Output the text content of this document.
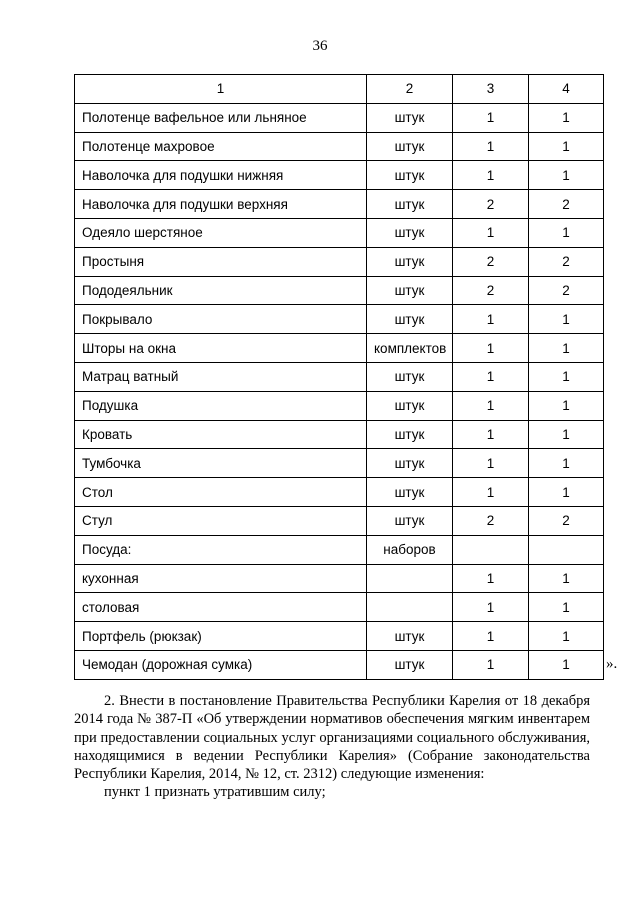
36
1	2	3	4
Полотенце вафельное или льняное	штук	1	1
Полотенце махровое	штук	1	1
Наволочка для подушки нижняя	штук	1	1
Наволочка для подушки верхняя	штук	2	2
Одеяло шерстяное	штук	1	1
Простыня	штук	2	2
Пододеяльник	штук	2	2
Покрывало	штук	1	1
Шторы на окна	комплектов	1	1
Матрац ватный	штук	1	1
Подушка	штук	1	1
Кровать	штук	1	1
Тумбочка	штук	1	1
Стол	штук	1	1
Стул	штук	2	2
Посуда:	наборов		
кухонная		1	1
столовая		1	1
Портфель (рюкзак)	штук	1	1
Чемодан (дорожная сумка)	штук	1	1 ».

2. Внести в постановление Правительства Республики Карелия от 18 декабря 2014 года № 387-П «Об утверждении нормативов обеспечения мягким инвентарем при предоставлении социальных услуг организациями социального обслуживания, находящимися в ведении Республики Карелия» (Собрание законодательства Республики Карелия, 2014, № 12, ст. 2312) следующие изменения:

пункт 1 признать утратившим силу;
